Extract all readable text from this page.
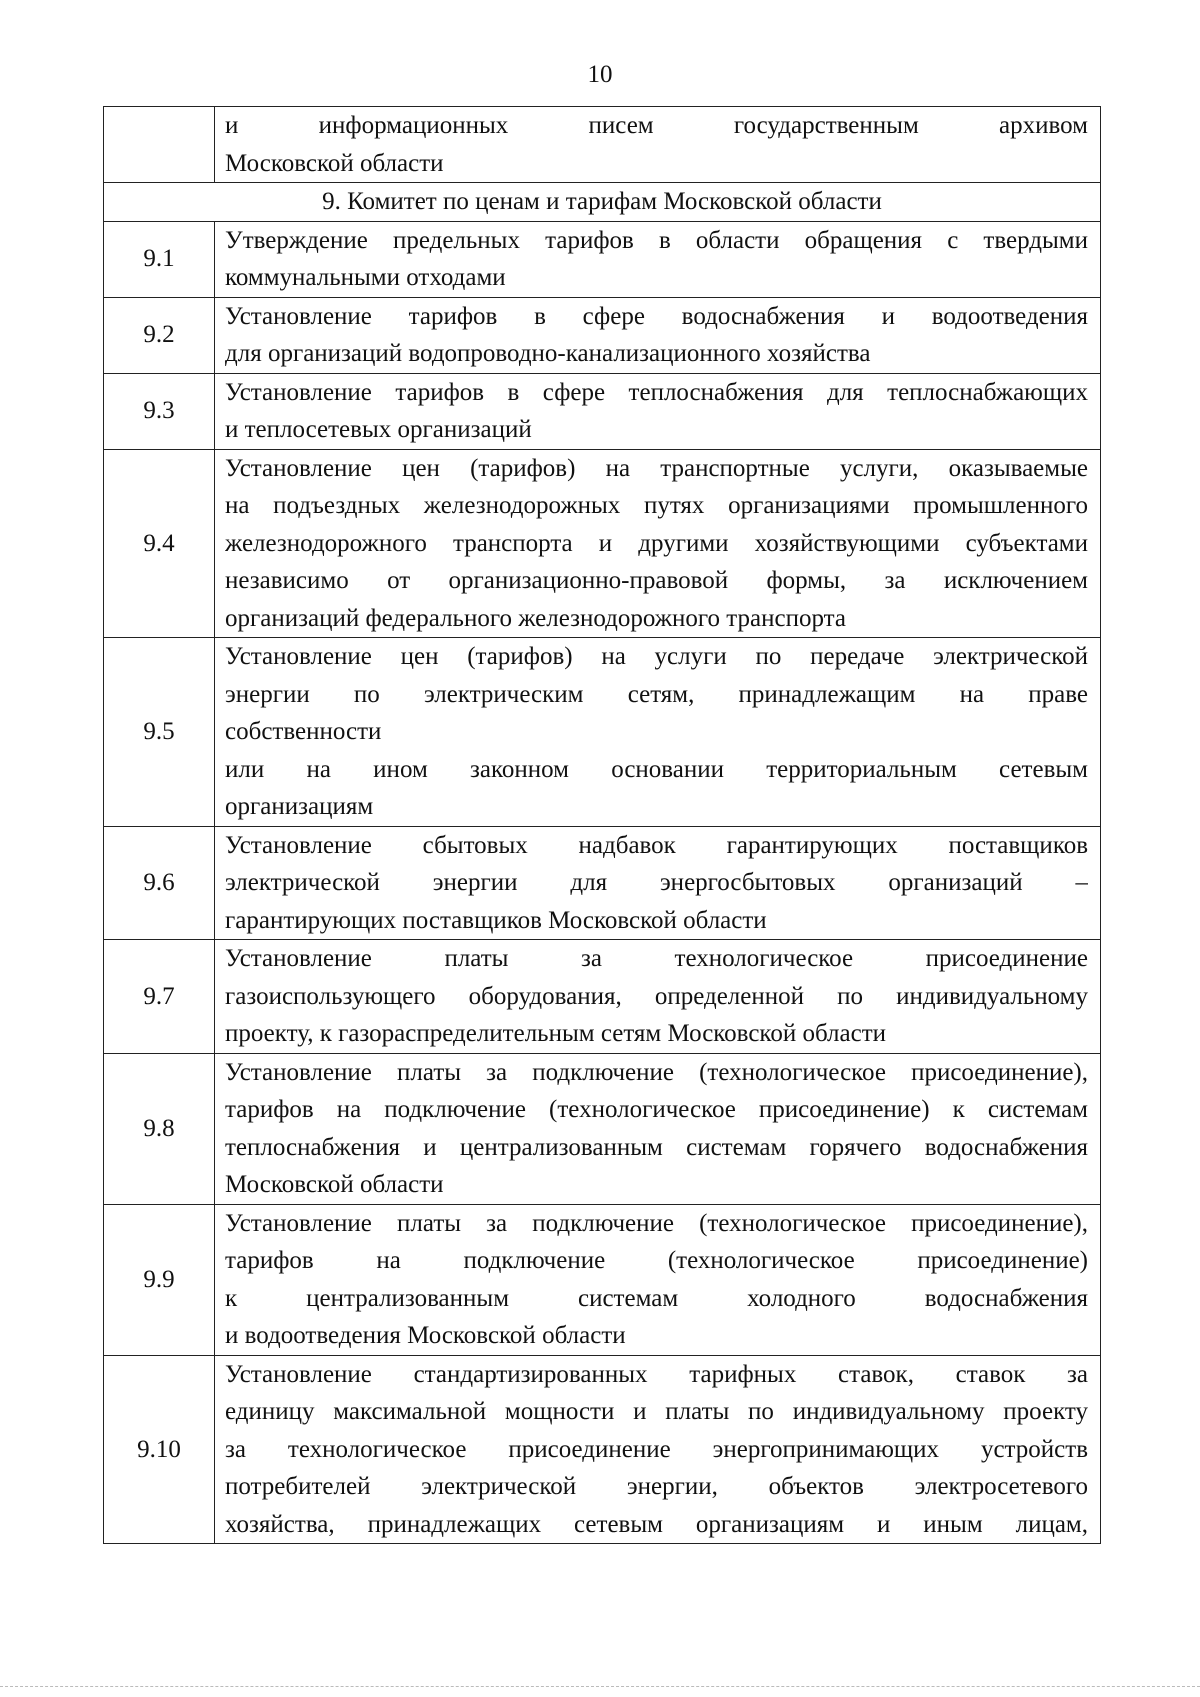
10

	и информационных писем государственным архивом
Московской области

9. Комитет по ценам и тарифам Московской области	
9.1	Утверждение предельных тарифов в области обращения с твердыми
коммунальными отходами

9.2	Установление тарифов в сфере водоснабжения и водоотведения
для организаций водопроводно-канализационного хозяйства

9.3	Установление тарифов в сфере теплоснабжения для теплоснабжающих
и теплосетевых организаций

9.4	Установление цен (тарифов) на транспортные услуги, оказываемые
на подъездных железнодорожных путях организациями промышленного
железнодорожного транспорта и другими хозяйствующими субъектами
независимо от организационно-правовой формы, за исключением
организаций федерального железнодорожного транспорта

9.5	Установление цен (тарифов) на услуги по передаче электрической
энергии по электрическим сетям, принадлежащим на праве
собственности
или на ином законном основании территориальным сетевым
организациям

9.6	Установление сбытовых надбавок гарантирующих поставщиков
электрической энергии для энергосбытовых организаций –
гарантирующих поставщиков Московской области

9.7	Установление платы за технологическое присоединение
газоиспользующего оборудования, определенной по индивидуальному
проекту, к газораспределительным сетям Московской области

9.8	Установление платы за подключение (технологическое присоединение),
тарифов на подключение (технологическое присоединение) к системам
теплоснабжения и централизованным системам горячего водоснабжения
Московской области

9.9	Установление платы за подключение (технологическое присоединение),
тарифов на подключение (технологическое присоединение)
к централизованным системам холодного водоснабжения
и водоотведения Московской области

9.10	Установление стандартизированных тарифных ставок, ставок за
единицу максимальной мощности и платы по индивидуальному проекту
за технологическое присоединение энергопринимающих устройств
потребителей электрической энергии, объектов электросетевого
хозяйства, принадлежащих сетевым организациям и иным лицам,
